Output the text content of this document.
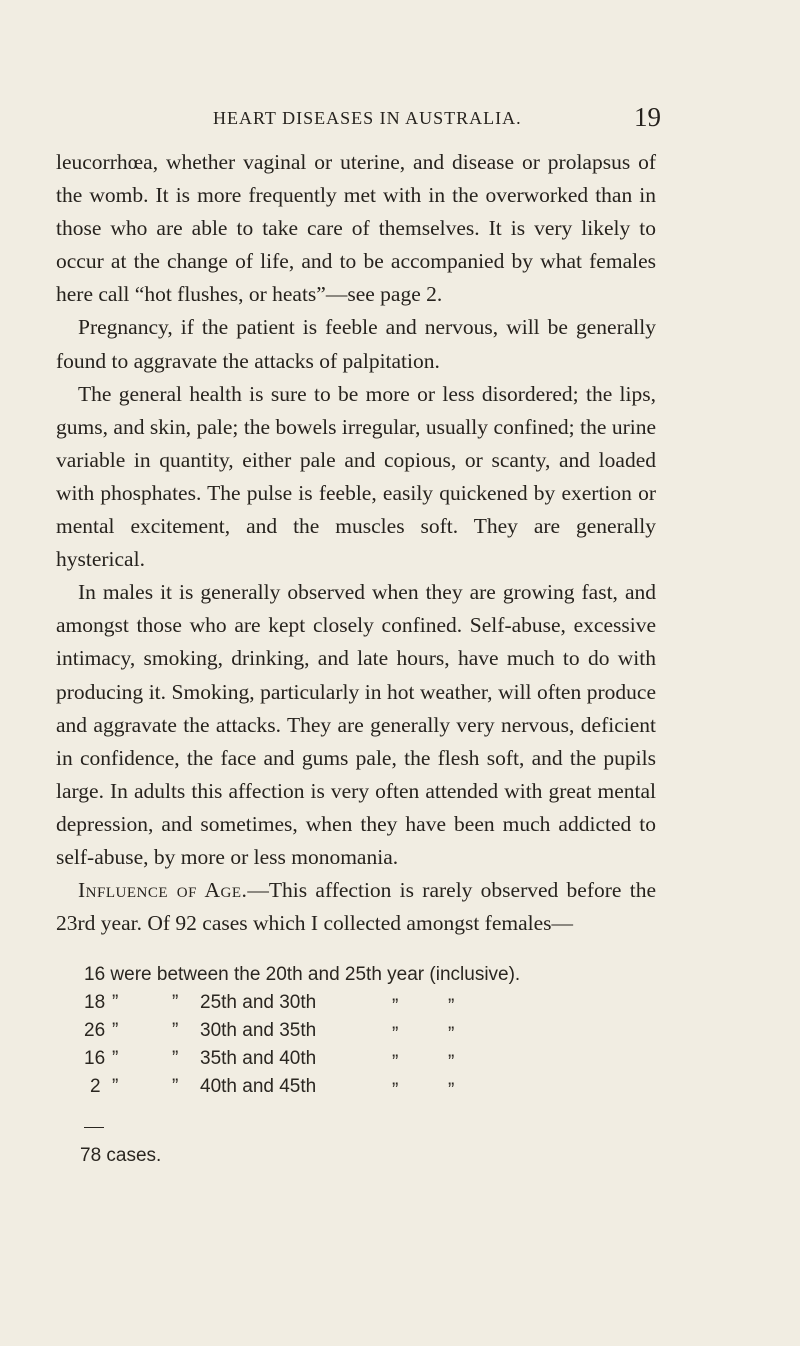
HEART DISEASES IN AUSTRALIA.	19

leucorrhœa, whether vaginal or uterine, and disease or prolapsus of the womb. It is more frequently met with in the overworked than in those who are able to take care of themselves. It is very likely to occur at the change of life, and to be accompanied by what females here call “hot flushes, or heats”—see page 2.

Pregnancy, if the patient is feeble and nervous, will be generally found to aggravate the attacks of palpitation.

The general health is sure to be more or less disordered; the lips, gums, and skin, pale; the bowels irregular, usually confined; the urine variable in quantity, either pale and copious, or scanty, and loaded with phosphates. The pulse is feeble, easily quickened by exertion or mental excitement, and the muscles soft. They are generally hysterical.

In males it is generally observed when they are growing fast, and amongst those who are kept closely confined. Self-abuse, excessive intimacy, smoking, drinking, and late hours, have much to do with producing it. Smoking, particularly in hot weather, will often produce and aggravate the attacks. They are generally very nervous, deficient in confidence, the face and gums pale, the flesh soft, and the pupils large. In adults this affection is very often attended with great mental depression, and sometimes, when they have been much addicted to self-abuse, by more or less monomania.

Influence of Age.—This affection is rarely observed before the 23rd year. Of 92 cases which I collected amongst females—

16 were between the 20th and 25th year (inclusive).
18 ”	” 25th and 30th	”	”
26 ”	” 30th and 35th	”	”
16 ”	” 35th and 40th	”	”
2 ”	” 40th and 45th	”	”
78 cases.
